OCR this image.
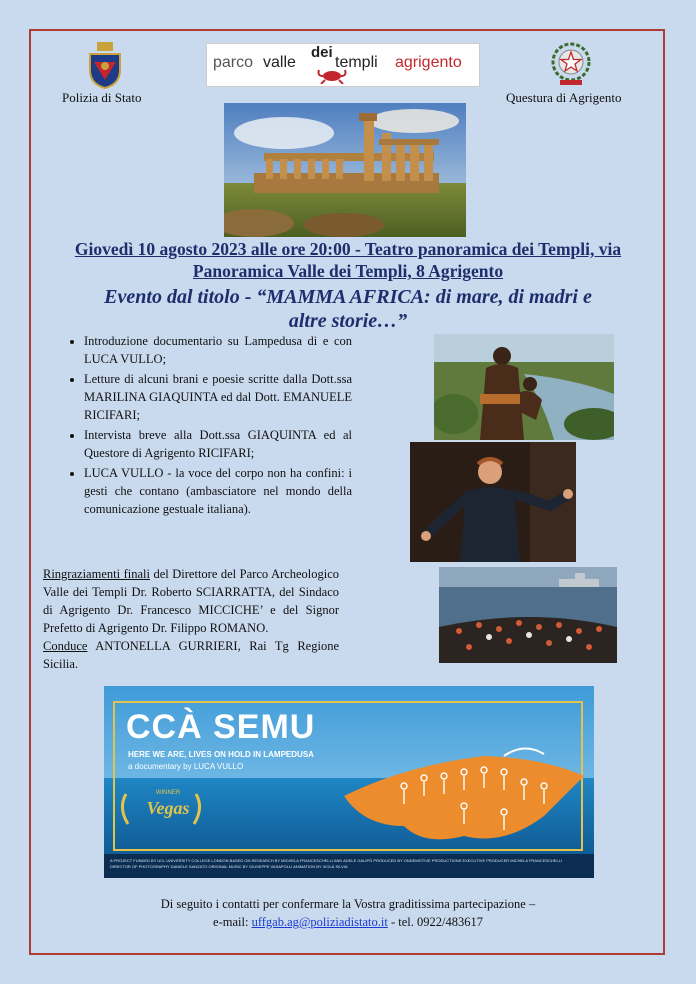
Polizia di Stato
parco valle
dei
templi agrigento
Questura di Agrigento
Giovedì 10 agosto 2023 alle ore 20:00 - Teatro panoramica dei Templi, via
Panoramica Valle dei Templi, 8 Agrigento
Evento dal titolo - “MAMMA AFRICA: di mare, di madri e
altre storie…”
• Introduzione documentario su Lampedusa di e con LUCA VULLO;
• Letture di alcuni brani e poesie scritte dalla Dott.ssa MARILINA GIAQUINTA ed dal Dott. EMANUELE RICIFARI;
• Intervista breve alla Dott.ssa GIAQUINTA ed al Questore di Agrigento RICIFARI;
• LUCA VULLO - la voce del corpo non ha confini: i gesti che contano (ambasciatore nel mondo della comunicazione gestuale italiana).
Ringraziamenti finali del Direttore del Parco Archeologico Valle dei Templi Dr. Roberto SCIARRATTA, del Sindaco di Agrigento Dr. Francesco MICCICHE’ e del Signor Prefetto di Agrigento Dr. Filippo ROMANO.
Conduce ANTONELLA GURRIERI, Rai Tg Regione Sicilia.
CCÀ SEMU
HERE WE ARE, LIVES ON HOLD IN LAMPEDUSA
a documentary by LUCA VULLO
WINNER
Vegas
A PROJECT FUNDED BY UCL UNIVERSITY COLLEGE LONDON BASED ON RESEARCH BY MICHELA FRANCESCHELLI AND ADELE GALIPÒ PRODUCED BY ONDEMOTIVE PRODUCTIONS EXECUTIVE PRODUCER MICHELA FRANCESCHELLI
DIRECTOR OF PHOTOGRAPHY DANIELE SANZATO ORIGINAL MUSIC BY GIUSEPPE VASAPOLLI ANIMATION BY VIOLÀ SILVIA
Di seguito i contatti per confermare la Vostra graditissima partecipazione –
e-mail: uffgab.ag@poliziadistato.it - tel. 0922/483617
